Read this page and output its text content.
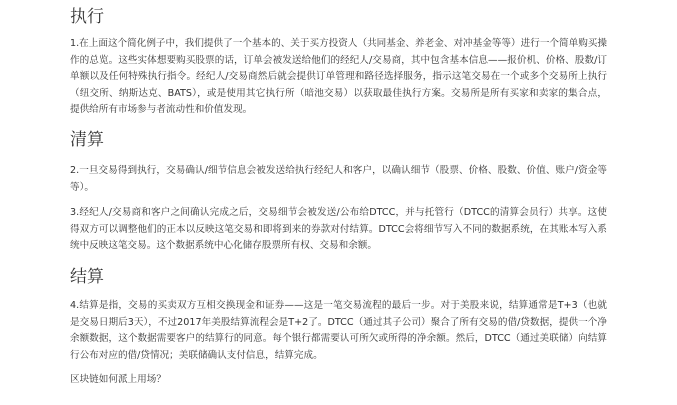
执行

1.在上面这个简化例子中，我们提供了一个基本的、关于买方投资人（共同基金、养老金、对冲基金等等）进行一个简单购买操作的总览。这些实体想要购买股票的话，订单会被发送给他们的经纪人/交易商，其中包含基本信息——报价机、价格、股数/订单额以及任何特殊执行指令。经纪人/交易商然后就会提供订单管理和路径选择服务，指示这笔交易在一个或多个交易所上执行（纽交所、纳斯达克、BATS），或是使用其它执行所（暗池交易）以获取最佳执行方案。交易所是所有买家和卖家的集合点，提供给所有市场参与者流动性和价值发现。

清算

2.一旦交易得到执行，交易确认/细节信息会被发送给执行经纪人和客户，以确认细节（股票、价格、股数、价值、账户/资金等等）。

3.经纪人/交易商和客户之间确认完成之后，交易细节会被发送/公布给DTCC，并与托管行（DTCC的清算会员行）共享。这使得双方可以调整他们的正本以反映这笔交易和即将到来的券款对付结算。DTCC会将细节写入不同的数据系统，在其账本写入系统中反映这笔交易。这个数据系统中心化储存股票所有权、交易和余额。

结算

4.结算是指，交易的买卖双方互相交换现金和证券——这是一笔交易流程的最后一步。对于美股来说，结算通常是T+3（也就是交易日期后3天），不过2017年美股结算流程会是T+2了。DTCC（通过其子公司）聚合了所有交易的借/贷数据，提供一个净余额数据，这个数据需要客户的结算行的同意。每个银行都需要认可所欠或所得的净余额。然后，DTCC（通过美联储）向结算行公布对应的借/贷情况；美联储确认支付信息，结算完成。

区块链如何派上用场？
